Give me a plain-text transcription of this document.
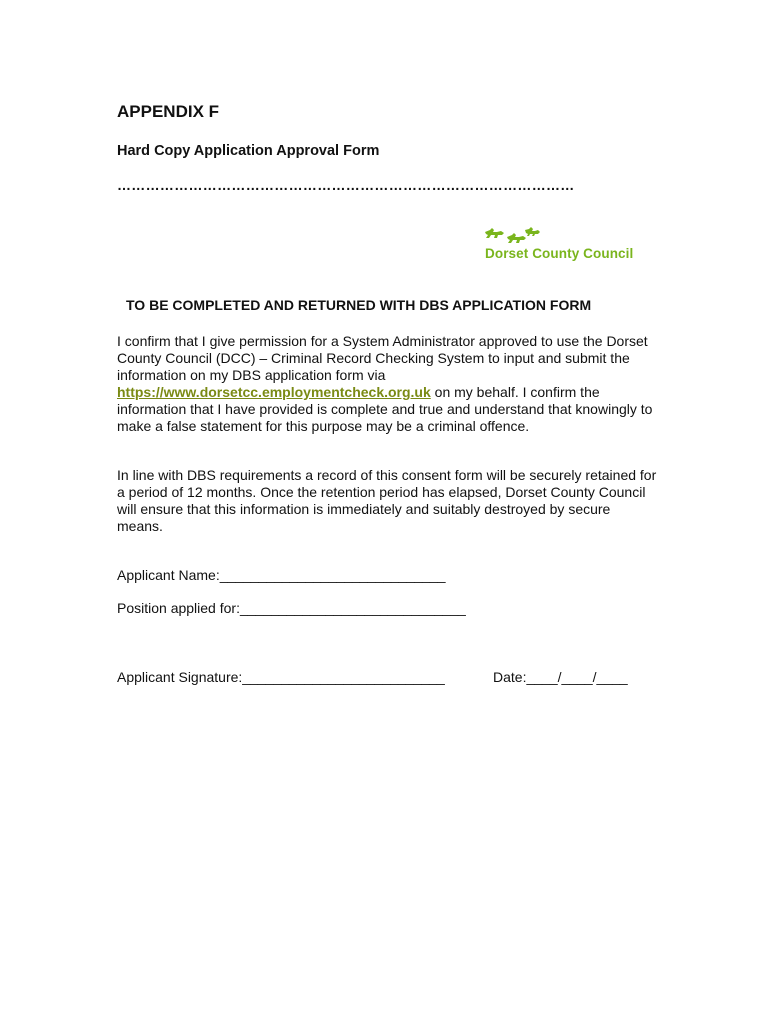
APPENDIX F
Hard Copy Application Approval Form
……………………………………………………………………………………
Dorset County Council

TO BE COMPLETED AND RETURNED WITH DBS APPLICATION FORM

I confirm that I give permission for a System Administrator approved to use the Dorset County Council (DCC) – Criminal Record Checking System to input and submit the information on my DBS application form via https://www.dorsetcc.employmentcheck.org.uk on my behalf. I confirm the information that I have provided is complete and true and understand that knowingly to make a false statement for this purpose may be a criminal offence.

In line with DBS requirements a record of this consent form will be securely retained for a period of 12 months. Once the retention period has elapsed, Dorset County Council will ensure that this information is immediately and suitably destroyed by secure means.

Applicant Name:_____________________________
Position applied for:_____________________________
Applicant Signature:__________________________	Date:____/____/____
